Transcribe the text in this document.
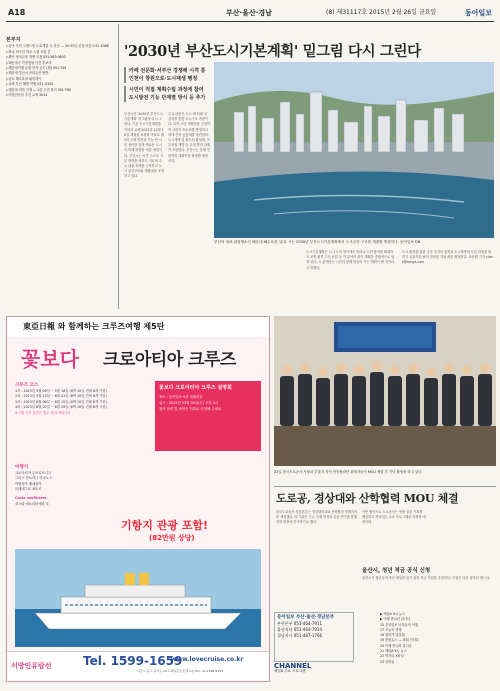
A18	부산·울산·경남	(8) 제31117호 2015년 2월 26일 금요일	동아일보
본부지
▷동아 부산 그랜드원 도로개설 토 착공 — 30·31일 신청 마감 0·51·4388
▷하나 외국인 학교 스쿨 모집 중
▷환인 영어교육 학생 모집 051·583·0800
▷해운대구 가정법원 이전 후보지
▷해운대여행 유원 인자 공모 (월) 051·749
▷해운대·부산시 문화유산 탐방
▷송도 해수욕장 워킹데이
▷옥외 부산 해변 여행 031 -6161
▷해운대 과학 건재 — 1층 주민 복지 051·785
▷여성전문성 추진 교육 2014
'2030년 부산도시기본계획' 밑그림 다시 그린다
카페 전문화·서부산 경쟁해 시격 통
인천이 창원으로·도시재생 행정
시민이 직접 계획수립 과정에 참여
도시발전 기능 단계별 방식 등 추가
부산시가 '2030년 부산도시기본계획' 밑그림을 다시 그린다. 기존 도시기본계획을 이어서 교체 2015년 12월 10일 계획을 보완할 목표로 제3의 시정 발전과 기능 안 시민 참여를 통해 새로운 도시의 미래 방향을 세울 예정이다. 부산시는 시민 스스로 기본 방향을 정하고 이로써 주요 내용 과제를 주목하고 도시 공간구조와 생활권을 조정하고 있다.
주요 내용은 도시 새 미래 상 설정을 통한 도시구조 개편이다. 특히 시민 계획단을 구성하여 시민의 목소리를 반영하고 세대 간의 공감대를 마련한다. 도시재생 및 원도심 활성화, 서부산권 개발 등 균형 발전 과제가 포함된다. 부산시는 올해 연말까지 계획안을 확정할 예정이다.
부산의 대표 관광명소인 해운대 해수욕장 일대. 시는 2030년 부산도시기본계획에서 도시공간 구조를 재편할 방침이다. 동아일보 DB
도시기본계획은 시 주도의 방식에서 벗어나 시민 참여를 확대하고 교통 환경 주거 산업 등 각 분야의 장기 계획을 종합적으로 담게 된다. 시 관계자는 시민과 함께 만들어 가는 계획이 될 것이라고 말했다.
도시 환경을 위한 공공 투자의 원칙과 도시재생의 사업 과정을 밝히고 유관기관 협의 절차를 거쳐 최종 확정한다. 조용휘 기자 silent@donga.com
東亞日報 와 함께하는 크루즈여행 제5탄
꽃보다 크로아티아 크루즈
크루즈 코스
1차 : 2015년 5월 09일 ~ 5월 18일 (8박 10일 전체 6개 기항)
2차 : 2015년 5월 23일 ~ 6월 01일 (8박 10일 전체 6개 기항)
3차 : 2015년 6월 06일 ~ 6월 15일 (8박 10일 전체 6개 기항)
4차 : 2015년 6월 20일 ~ 6월 29일 (8박 10일 전체 6개 기항)
※ 7월 이후 출발은 별도 문의 바랍니다
꽃보다 크로아티아 크루즈 설명회
장소 : 동아일보 9층 대회의실
일시 : 2015년 03월 04일(수) 오후 4시
참석 문의 및 예약은 전화로 신청해 주세요
여행지
크로아티아 두브로브니크
그리스 산토리니 미코노스
이탈리아 베네치아
몬테네그로 코토르
Costa neoRiviera
코스타 네오리비에라 호
기항지 관광 포함!
(82만원 상당)
서방인유람선	Tel. 1599-1659
www.lovecruise.co.kr
서울시 중구 을지로 16 프레지던트호텔 1층 Fax. 02-2188-9999
22일 한국도로공사 사장과 부울경 지역 산학협력단 관계자들이 MOU 체결 후 기념 촬영을 하고 있다.
도로공, 경상대와 산학협력 MOU 체결
한국도로공사 경남본부는 경상대학교와 산학협력 양해각서를 체결했다. 양 기관은 우수 인재 양성과 공동 연구를 통해 지역 발전에 기여하기로 했다.
이번 협약으로 도로공사는 현장 실습 기회를 제공하고 경상대는 교육 프로그램을 지원할 예정이다.
울산시, 청년 적금 공식 신청
울산시가 청년들의 자산 형성을 돕기 위한 적금 사업을 추진한다. 신청은 다음 달부터 받는다.
동아일보 부산·울산·경남본부
부산본부 051-464-7911
울산지사 051-464-7914
경남지사 051-487-1766
CHANNEL
채널A 주요 프로그램
▶ 채널A 9시 뉴스
▶ 이제 만나러 갑니다
15 중앙일보 남자들의 여행
17 오늘의 경제
18 엄마가 뭐길래
19 종합뉴스 — 파워 인터뷰
20 이제 만나러 갑니다
21 채널A 9시 뉴스
22 먹거리 X파일
23 강적들
